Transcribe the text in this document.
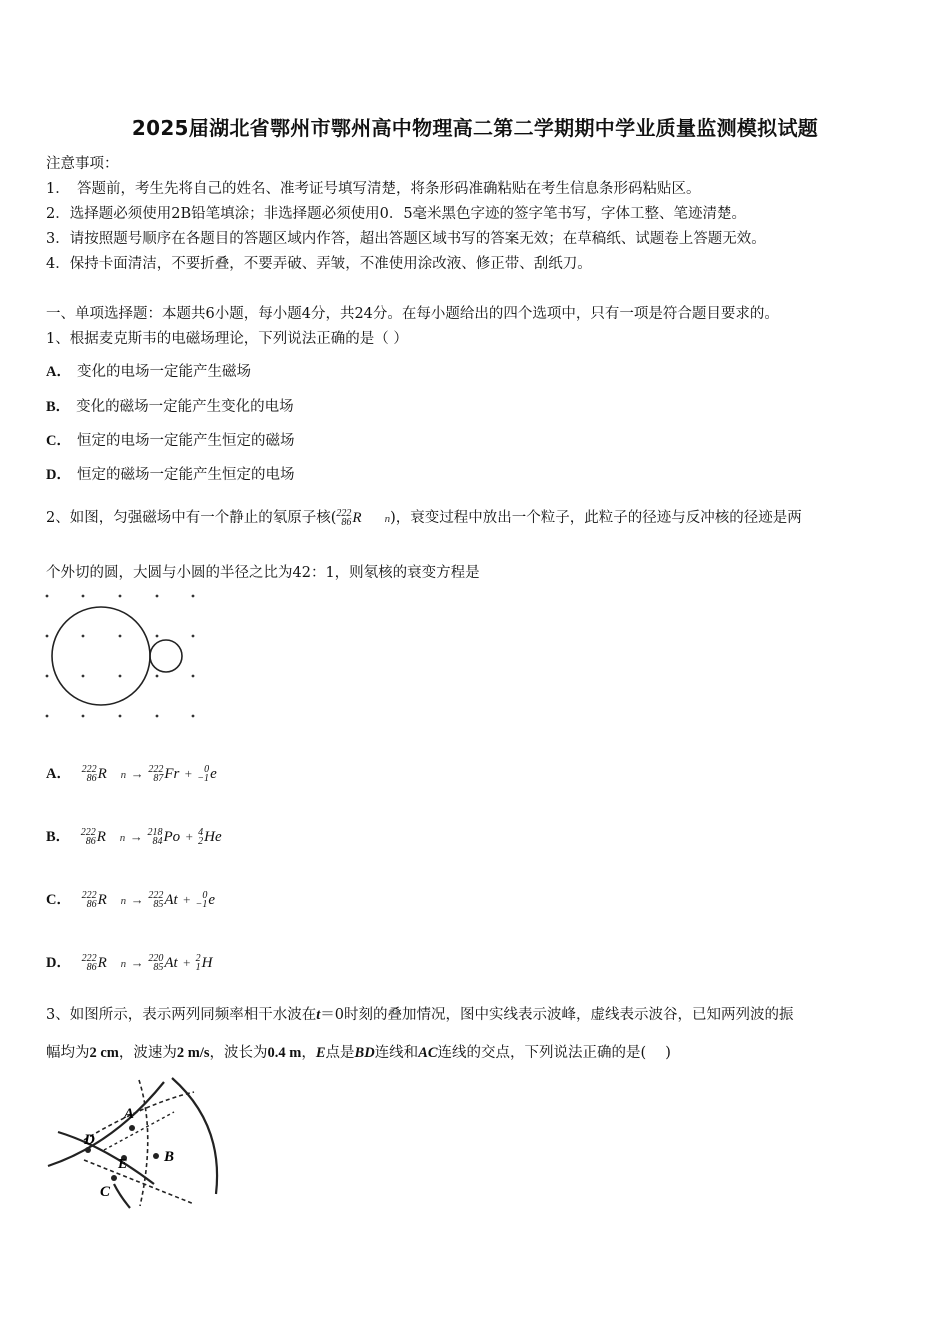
2025届湖北省鄂州市鄂州高中物理高二第二学期期中学业质量监测模拟试题
注意事项：
1．　答题前，考生先将自己的姓名、准考证号填写清楚，将条形码准确粘贴在考生信息条形码粘贴区。
2．选择题必须使用2B铅笔填涂；非选择题必须使用0．5毫米黑色字迹的签字笔书写，字体工整、笔迹清楚。
3．请按照题号顺序在各题目的答题区域内作答，超出答题区域书写的答案无效；在草稿纸、试题卷上答题无效。
4．保持卡面清洁，不要折叠，不要弄破、弄皱，不准使用涂改液、修正带、刮纸刀。
一、单项选择题：本题共6小题，每小题4分，共24分。在每小题给出的四个选项中，只有一项是符合题目要求的。
1、根据麦克斯韦的电磁场理论，下列说法正确的是（ ）
A． 变化的电场一定能产生磁场
B． 变化的磁场一定能产生变化的电场
C． 恒定的电场一定能产生恒定的磁场
D． 恒定的磁场一定能产生恒定的电场
2、如图，匀强磁场中有一个静止的氡原子核( 222
86 R n)，衰变过程中放出一个粒子，此粒子的径迹与反冲核的径迹是两
个外切的圆，大圆与小圆的半径之比为42：1，则氡核的衰变方程是
A． 222
86 R n → 222
87 Fr +	0
−1 e
B． 222
86 R n → 218
84 Po + 4
2 He
C． 222
86 R n → 222
85 At +	0
−1 e
D． 222
86 R n → 220
85 At + 2
1 H
3、如图所示，表示两列同频率相干水波在t＝0时刻的叠加情况，图中实线表示波峰，虚线表示波谷，已知两列波的振
幅均为2 cm，波速为2 m/s，波长为0.4 m，E点是BD连线和AC连线的交点，下列说法正确的是(　 )
A
B
C
D
E
